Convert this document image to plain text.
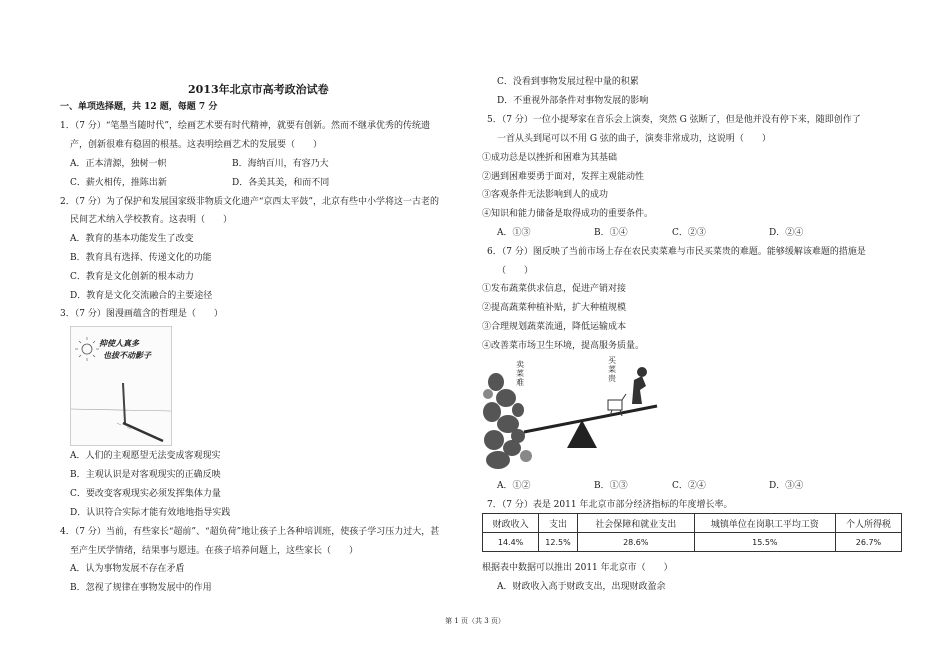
2013年北京市高考政治试卷
一、单项选择题，共 12 题，每题 7 分
1．（7 分）“笔墨当随时代”，绘画艺术要有时代精神，就要有创新。然而不继承优秀的传统遗
产，创新很难有稳固的根基。这表明绘画艺术的发展要（　　）
A．正本清源，独树一帜	B．海纳百川，有容乃大
C．薪火相传，推陈出新	D．各美其美，和而不同
2．（7 分）为了保护和发展国家级非物质文化遗产“京西太平鼓”，北京有些中小学将这一古老的
民间艺术纳入学校教育。这表明（　　）
A．教育的基本功能发生了改变
B．教育具有选择、传递文化的功能
C．教育是文化创新的根本动力
D．教育是文化交流融合的主要途径
3．（7 分）图漫画蕴含的哲理是（　　）
抑使人真多
也拔不动影子
A．人们的主观愿望无法变成客观现实
B．主观认识是对客观现实的正确反映
C．要改变客观现实必须发挥集体力量
D．认识符合实际才能有效地地指导实践
4．（7 分）当前，有些家长“超前”、“超负荷”地让孩子上各种培训班，使孩子学习压力过大，甚
至产生厌学情绪，结果事与愿违。在孩子培养问题上，这些家长（　　）
A．认为事物发展不存在矛盾
B．忽视了规律在事物发展中的作用
C．没看到事物发展过程中量的积累
D．不重视外部条件对事物发展的影响
5．（7 分）一位小提琴家在音乐会上演奏，突然 G 弦断了，但是他并没有停下来，随即创作了
一首从头到尾可以不用 G 弦的曲子，演奏非常成功，这说明（　　）
①成功总是以挫折和困难为其基础
②遇到困难要勇于面对，发挥主观能动性
③客观条件无法影响到人的成功
④知识和能力储备是取得成功的重要条件。
A．①③	B．①④	C．②③	D．②④
6．（7 分）图反映了当前市场上存在农民卖菜难与市民买菜贵的难题。能够缓解该难题的措施是
（　　）
①发布蔬菜供求信息，促进产销对接
②提高蔬菜种植补贴，扩大种植规模
③合理规划蔬菜流通，降低运输成本
④改善菜市场卫生环境，提高服务质量。
卖菜难
买菜贵
A．①②	B．①③	C．②④	D．③④
7．（7 分）表是 2011 年北京市部分经济指标的年度增长率。
财政收入	支出	社会保障和就业支出	城镇单位在岗职工平均工资	个人所得税
14.4%	12.5%	28.6%	15.5%	26.7%
根据表中数据可以推出 2011 年北京市（　　）
A．财政收入高于财政支出，出现财政盈余
第 1 页（共 3 页）
